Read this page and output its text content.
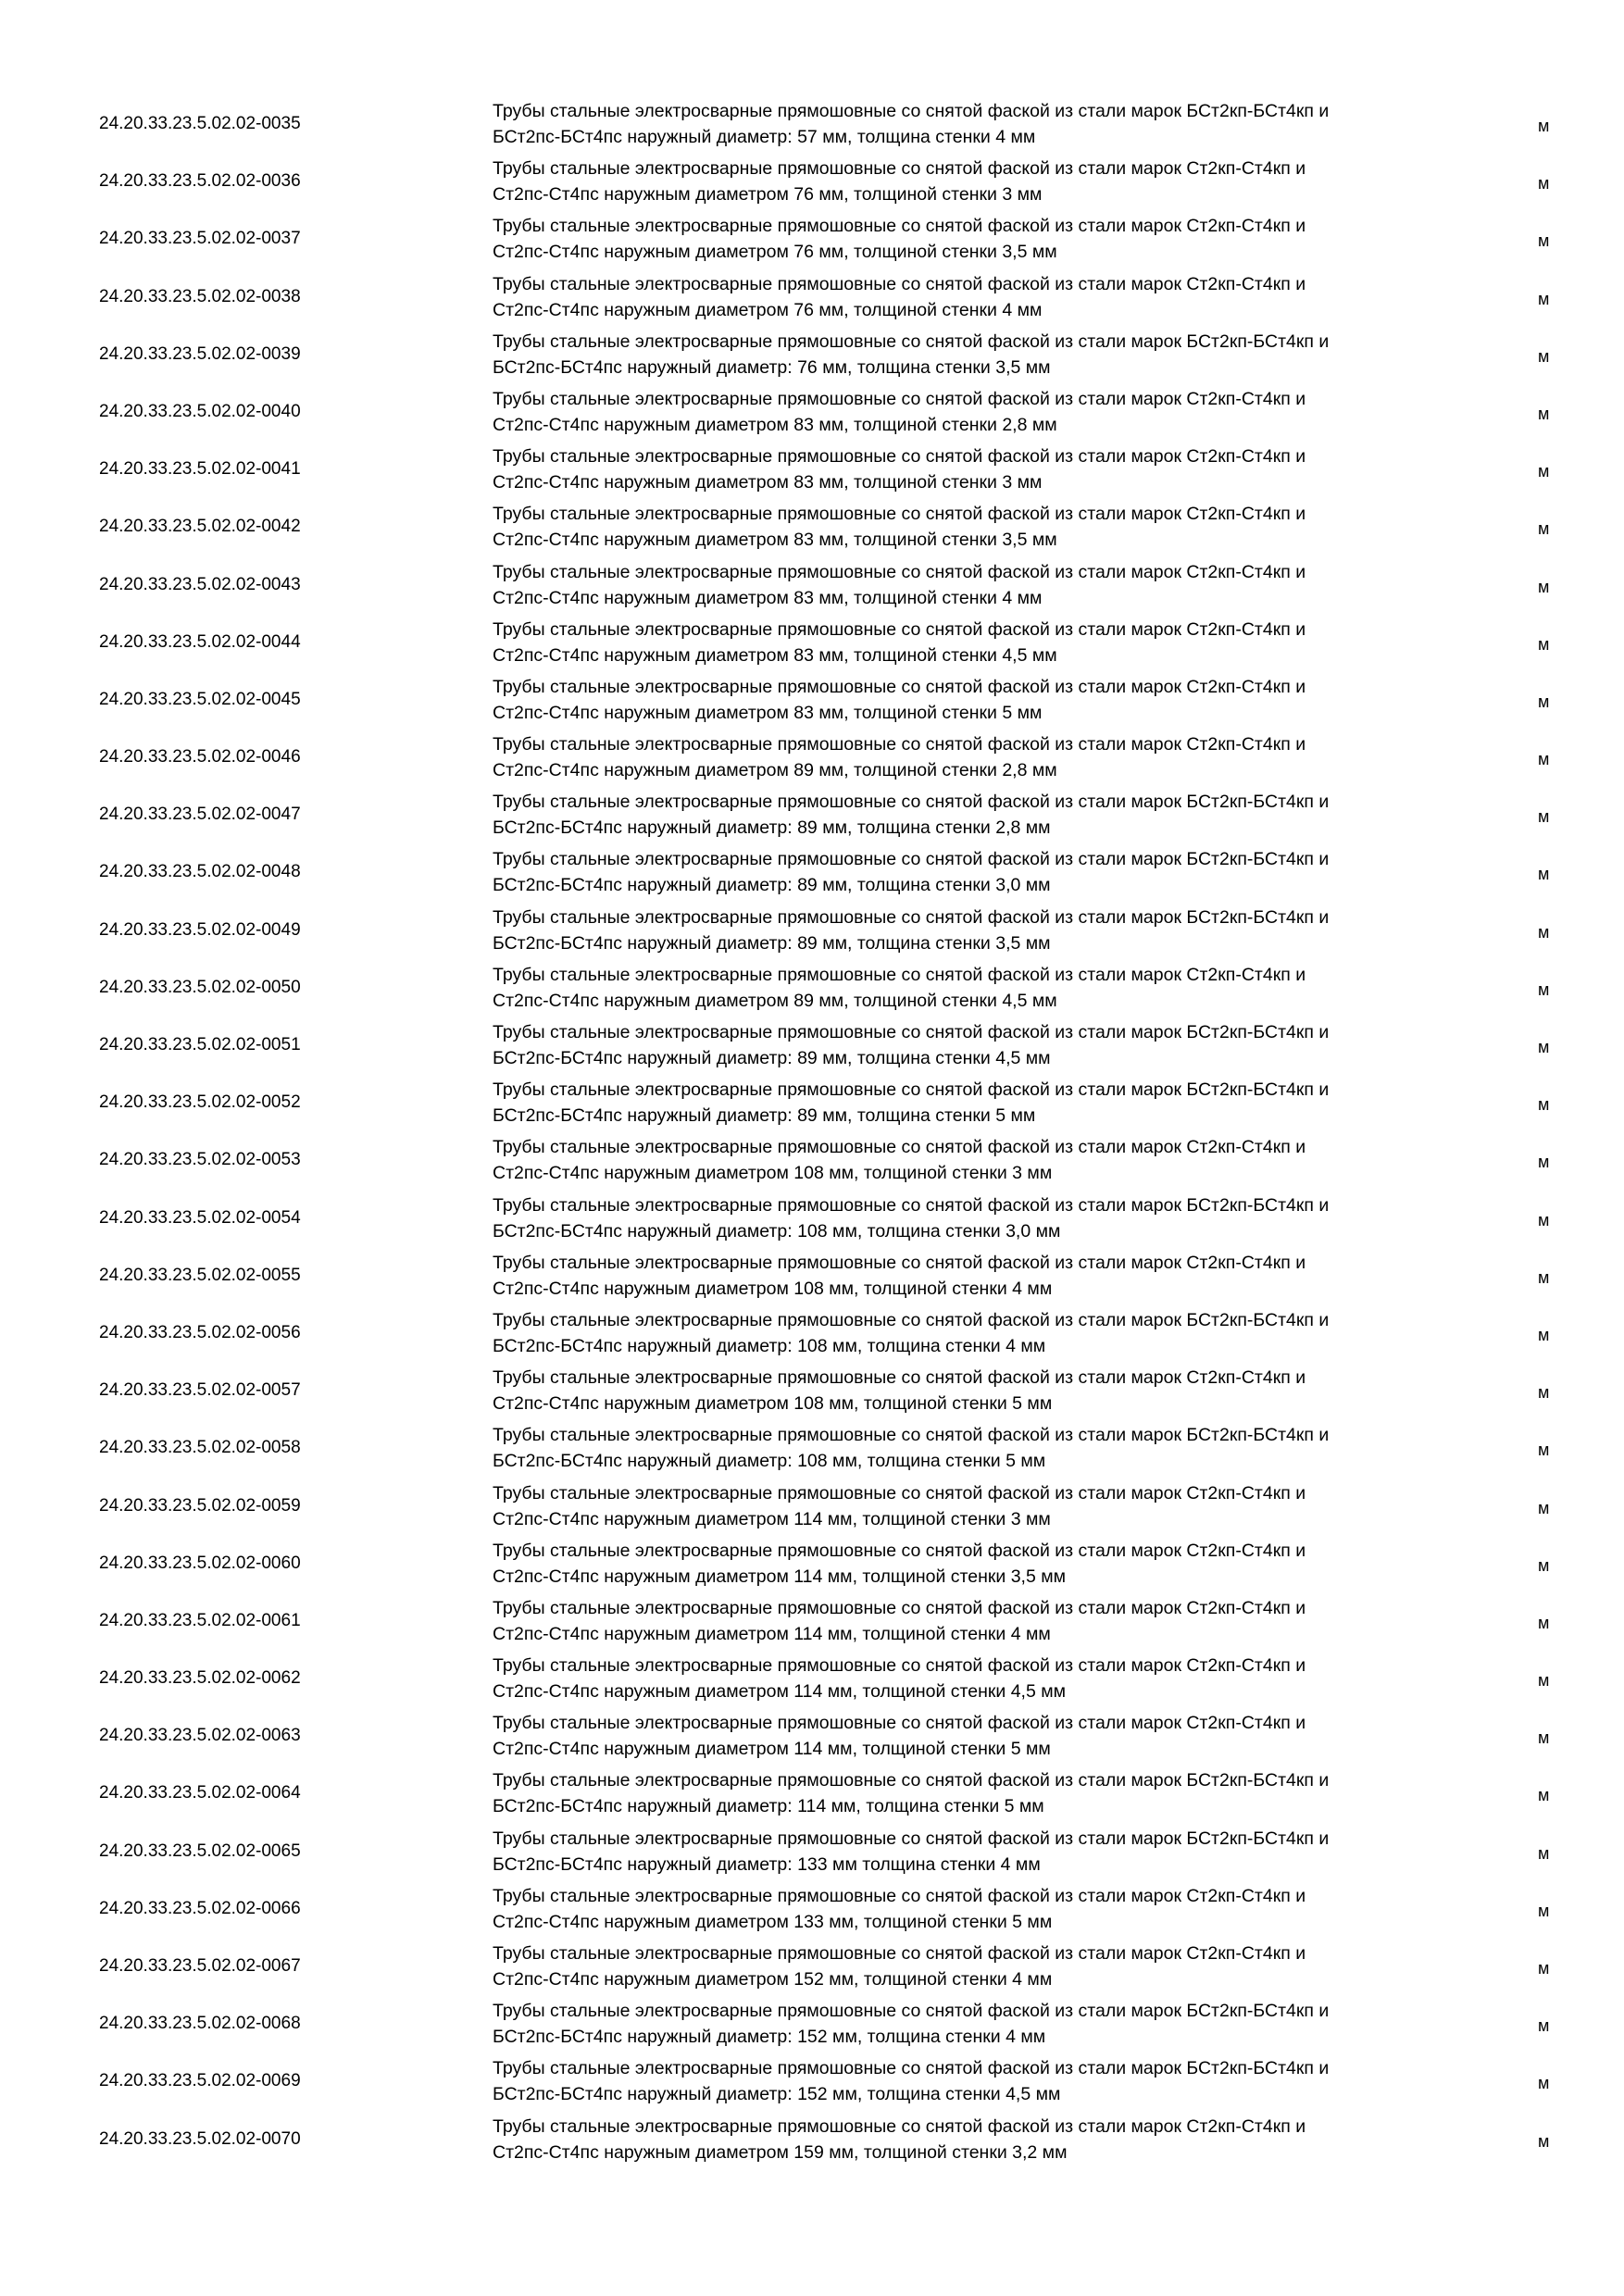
24.20.33.23.5.02.02-0035
Трубы стальные электросварные прямошовные со снятой фаской из стали марок БСт2кп-БСт4кп и
БСт2пс-БСт4пс наружный диаметр: 57 мм, толщина стенки 4 мм
м
24.20.33.23.5.02.02-0036
Трубы стальные электросварные прямошовные со снятой фаской из стали марок Ст2кп-Ст4кп и
Ст2пс-Ст4пс наружным диаметром 76 мм, толщиной стенки 3 мм
м
24.20.33.23.5.02.02-0037
Трубы стальные электросварные прямошовные со снятой фаской из стали марок Ст2кп-Ст4кп и
Ст2пс-Ст4пс наружным диаметром 76 мм, толщиной стенки 3,5 мм
м
24.20.33.23.5.02.02-0038
Трубы стальные электросварные прямошовные со снятой фаской из стали марок Ст2кп-Ст4кп и
Ст2пс-Ст4пс наружным диаметром 76 мм, толщиной стенки 4 мм
м
24.20.33.23.5.02.02-0039
Трубы стальные электросварные прямошовные со снятой фаской из стали марок БСт2кп-БСт4кп и
БСт2пс-БСт4пс наружный диаметр: 76 мм, толщина стенки 3,5 мм
м
24.20.33.23.5.02.02-0040
Трубы стальные электросварные прямошовные со снятой фаской из стали марок Ст2кп-Ст4кп и
Ст2пс-Ст4пс наружным диаметром 83 мм, толщиной стенки 2,8 мм
м
24.20.33.23.5.02.02-0041
Трубы стальные электросварные прямошовные со снятой фаской из стали марок Ст2кп-Ст4кп и
Ст2пс-Ст4пс наружным диаметром 83 мм, толщиной стенки 3 мм
м
24.20.33.23.5.02.02-0042
Трубы стальные электросварные прямошовные со снятой фаской из стали марок Ст2кп-Ст4кп и
Ст2пс-Ст4пс наружным диаметром 83 мм, толщиной стенки 3,5 мм
м
24.20.33.23.5.02.02-0043
Трубы стальные электросварные прямошовные со снятой фаской из стали марок Ст2кп-Ст4кп и
Ст2пс-Ст4пс наружным диаметром 83 мм, толщиной стенки 4 мм
м
24.20.33.23.5.02.02-0044
Трубы стальные электросварные прямошовные со снятой фаской из стали марок Ст2кп-Ст4кп и
Ст2пс-Ст4пс наружным диаметром 83 мм, толщиной стенки 4,5 мм
м
24.20.33.23.5.02.02-0045
Трубы стальные электросварные прямошовные со снятой фаской из стали марок Ст2кп-Ст4кп и
Ст2пс-Ст4пс наружным диаметром 83 мм, толщиной стенки 5 мм
м
24.20.33.23.5.02.02-0046
Трубы стальные электросварные прямошовные со снятой фаской из стали марок Ст2кп-Ст4кп и
Ст2пс-Ст4пс наружным диаметром 89 мм, толщиной стенки 2,8 мм
м
24.20.33.23.5.02.02-0047
Трубы стальные электросварные прямошовные со снятой фаской из стали марок БСт2кп-БСт4кп и
БСт2пс-БСт4пс наружный диаметр: 89 мм, толщина стенки 2,8 мм
м
24.20.33.23.5.02.02-0048
Трубы стальные электросварные прямошовные со снятой фаской из стали марок БСт2кп-БСт4кп и
БСт2пс-БСт4пс наружный диаметр: 89 мм, толщина стенки 3,0 мм
м
24.20.33.23.5.02.02-0049
Трубы стальные электросварные прямошовные со снятой фаской из стали марок БСт2кп-БСт4кп и
БСт2пс-БСт4пс наружный диаметр: 89 мм, толщина стенки 3,5 мм
м
24.20.33.23.5.02.02-0050
Трубы стальные электросварные прямошовные со снятой фаской из стали марок Ст2кп-Ст4кп и
Ст2пс-Ст4пс наружным диаметром 89 мм, толщиной стенки 4,5 мм
м
24.20.33.23.5.02.02-0051
Трубы стальные электросварные прямошовные со снятой фаской из стали марок БСт2кп-БСт4кп и
БСт2пс-БСт4пс наружный диаметр: 89 мм, толщина стенки 4,5 мм
м
24.20.33.23.5.02.02-0052
Трубы стальные электросварные прямошовные со снятой фаской из стали марок БСт2кп-БСт4кп и
БСт2пс-БСт4пс наружный диаметр: 89 мм, толщина стенки 5 мм
м
24.20.33.23.5.02.02-0053
Трубы стальные электросварные прямошовные со снятой фаской из стали марок Ст2кп-Ст4кп и
Ст2пс-Ст4пс наружным диаметром 108 мм, толщиной стенки 3 мм
м
24.20.33.23.5.02.02-0054
Трубы стальные электросварные прямошовные со снятой фаской из стали марок БСт2кп-БСт4кп и
БСт2пс-БСт4пс наружный диаметр: 108 мм, толщина стенки 3,0 мм
м
24.20.33.23.5.02.02-0055
Трубы стальные электросварные прямошовные со снятой фаской из стали марок Ст2кп-Ст4кп и
Ст2пс-Ст4пс наружным диаметром 108 мм, толщиной стенки 4 мм
м
24.20.33.23.5.02.02-0056
Трубы стальные электросварные прямошовные со снятой фаской из стали марок БСт2кп-БСт4кп и
БСт2пс-БСт4пс наружный диаметр: 108 мм, толщина стенки 4 мм
м
24.20.33.23.5.02.02-0057
Трубы стальные электросварные прямошовные со снятой фаской из стали марок Ст2кп-Ст4кп и
Ст2пс-Ст4пс наружным диаметром 108 мм, толщиной стенки 5 мм
м
24.20.33.23.5.02.02-0058
Трубы стальные электросварные прямошовные со снятой фаской из стали марок БСт2кп-БСт4кп и
БСт2пс-БСт4пс наружный диаметр: 108 мм, толщина стенки 5 мм
м
24.20.33.23.5.02.02-0059
Трубы стальные электросварные прямошовные со снятой фаской из стали марок Ст2кп-Ст4кп и
Ст2пс-Ст4пс наружным диаметром 114 мм, толщиной стенки 3 мм
м
24.20.33.23.5.02.02-0060
Трубы стальные электросварные прямошовные со снятой фаской из стали марок Ст2кп-Ст4кп и
Ст2пс-Ст4пс наружным диаметром 114 мм, толщиной стенки 3,5 мм
м
24.20.33.23.5.02.02-0061
Трубы стальные электросварные прямошовные со снятой фаской из стали марок Ст2кп-Ст4кп и
Ст2пс-Ст4пс наружным диаметром 114 мм, толщиной стенки 4 мм
м
24.20.33.23.5.02.02-0062
Трубы стальные электросварные прямошовные со снятой фаской из стали марок Ст2кп-Ст4кп и
Ст2пс-Ст4пс наружным диаметром 114 мм, толщиной стенки 4,5 мм
м
24.20.33.23.5.02.02-0063
Трубы стальные электросварные прямошовные со снятой фаской из стали марок Ст2кп-Ст4кп и
Ст2пс-Ст4пс наружным диаметром 114 мм, толщиной стенки 5 мм
м
24.20.33.23.5.02.02-0064
Трубы стальные электросварные прямошовные со снятой фаской из стали марок БСт2кп-БСт4кп и
БСт2пс-БСт4пс наружный диаметр: 114 мм, толщина стенки 5 мм
м
24.20.33.23.5.02.02-0065
Трубы стальные электросварные прямошовные со снятой фаской из стали марок БСт2кп-БСт4кп и
БСт2пс-БСт4пс наружный диаметр: 133 мм толщина стенки 4 мм
м
24.20.33.23.5.02.02-0066
Трубы стальные электросварные прямошовные со снятой фаской из стали марок Ст2кп-Ст4кп и
Ст2пс-Ст4пс наружным диаметром 133 мм, толщиной стенки 5 мм
м
24.20.33.23.5.02.02-0067
Трубы стальные электросварные прямошовные со снятой фаской из стали марок Ст2кп-Ст4кп и
Ст2пс-Ст4пс наружным диаметром 152 мм, толщиной стенки 4 мм
м
24.20.33.23.5.02.02-0068
Трубы стальные электросварные прямошовные со снятой фаской из стали марок БСт2кп-БСт4кп и
БСт2пс-БСт4пс наружный диаметр: 152 мм, толщина стенки 4 мм
м
24.20.33.23.5.02.02-0069
Трубы стальные электросварные прямошовные со снятой фаской из стали марок БСт2кп-БСт4кп и
БСт2пс-БСт4пс наружный диаметр: 152 мм, толщина стенки 4,5 мм
м
24.20.33.23.5.02.02-0070
Трубы стальные электросварные прямошовные со снятой фаской из стали марок Ст2кп-Ст4кп и
Ст2пс-Ст4пс наружным диаметром 159 мм, толщиной стенки 3,2 мм
м
